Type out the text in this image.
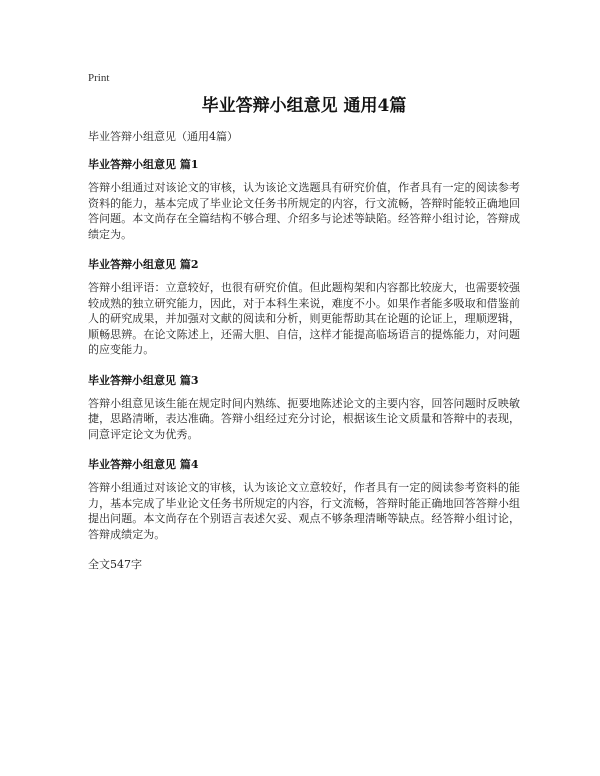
Print
毕业答辩小组意见 通用4篇
毕业答辩小组意见（通用4篇）
毕业答辩小组意见 篇1
答辩小组通过对该论文的审核，认为该论文选题具有研究价值，作者具有一定的阅读参考资料的能力，基本完成了毕业论文任务书所规定的内容，行文流畅，答辩时能较正确地回答问题。本文尚存在全篇结构不够合理、介绍多与论述等缺陷。经答辩小组讨论，答辩成绩定为。
毕业答辩小组意见 篇2
答辩小组评语：立意较好，也很有研究价值。但此题构架和内容都比较庞大，也需要较强较成熟的独立研究能力，因此，对于本科生来说，难度不小。如果作者能多吸取和借鉴前人的研究成果，并加强对文献的阅读和分析，则更能帮助其在论题的论证上，理顺逻辑，顺畅思辨。在论文陈述上，还需大胆、自信，这样才能提高临场语言的提炼能力，对问题的应变能力。
毕业答辩小组意见 篇3
答辩小组意见该生能在规定时间内熟练、扼要地陈述论文的主要内容，回答问题时反映敏捷，思路清晰，表达准确。答辩小组经过充分讨论，根据该生论文质量和答辩中的表现，同意评定论文为优秀。
毕业答辩小组意见 篇4
答辩小组通过对该论文的审核，认为该论文立意较好，作者具有一定的阅读参考资料的能力，基本完成了毕业论文任务书所规定的内容，行文流畅，答辩时能正确地回答答辩小组提出问题。本文尚存在个别语言表述欠妥、观点不够条理清晰等缺点。经答辩小组讨论，答辩成绩定为。
全文547字
